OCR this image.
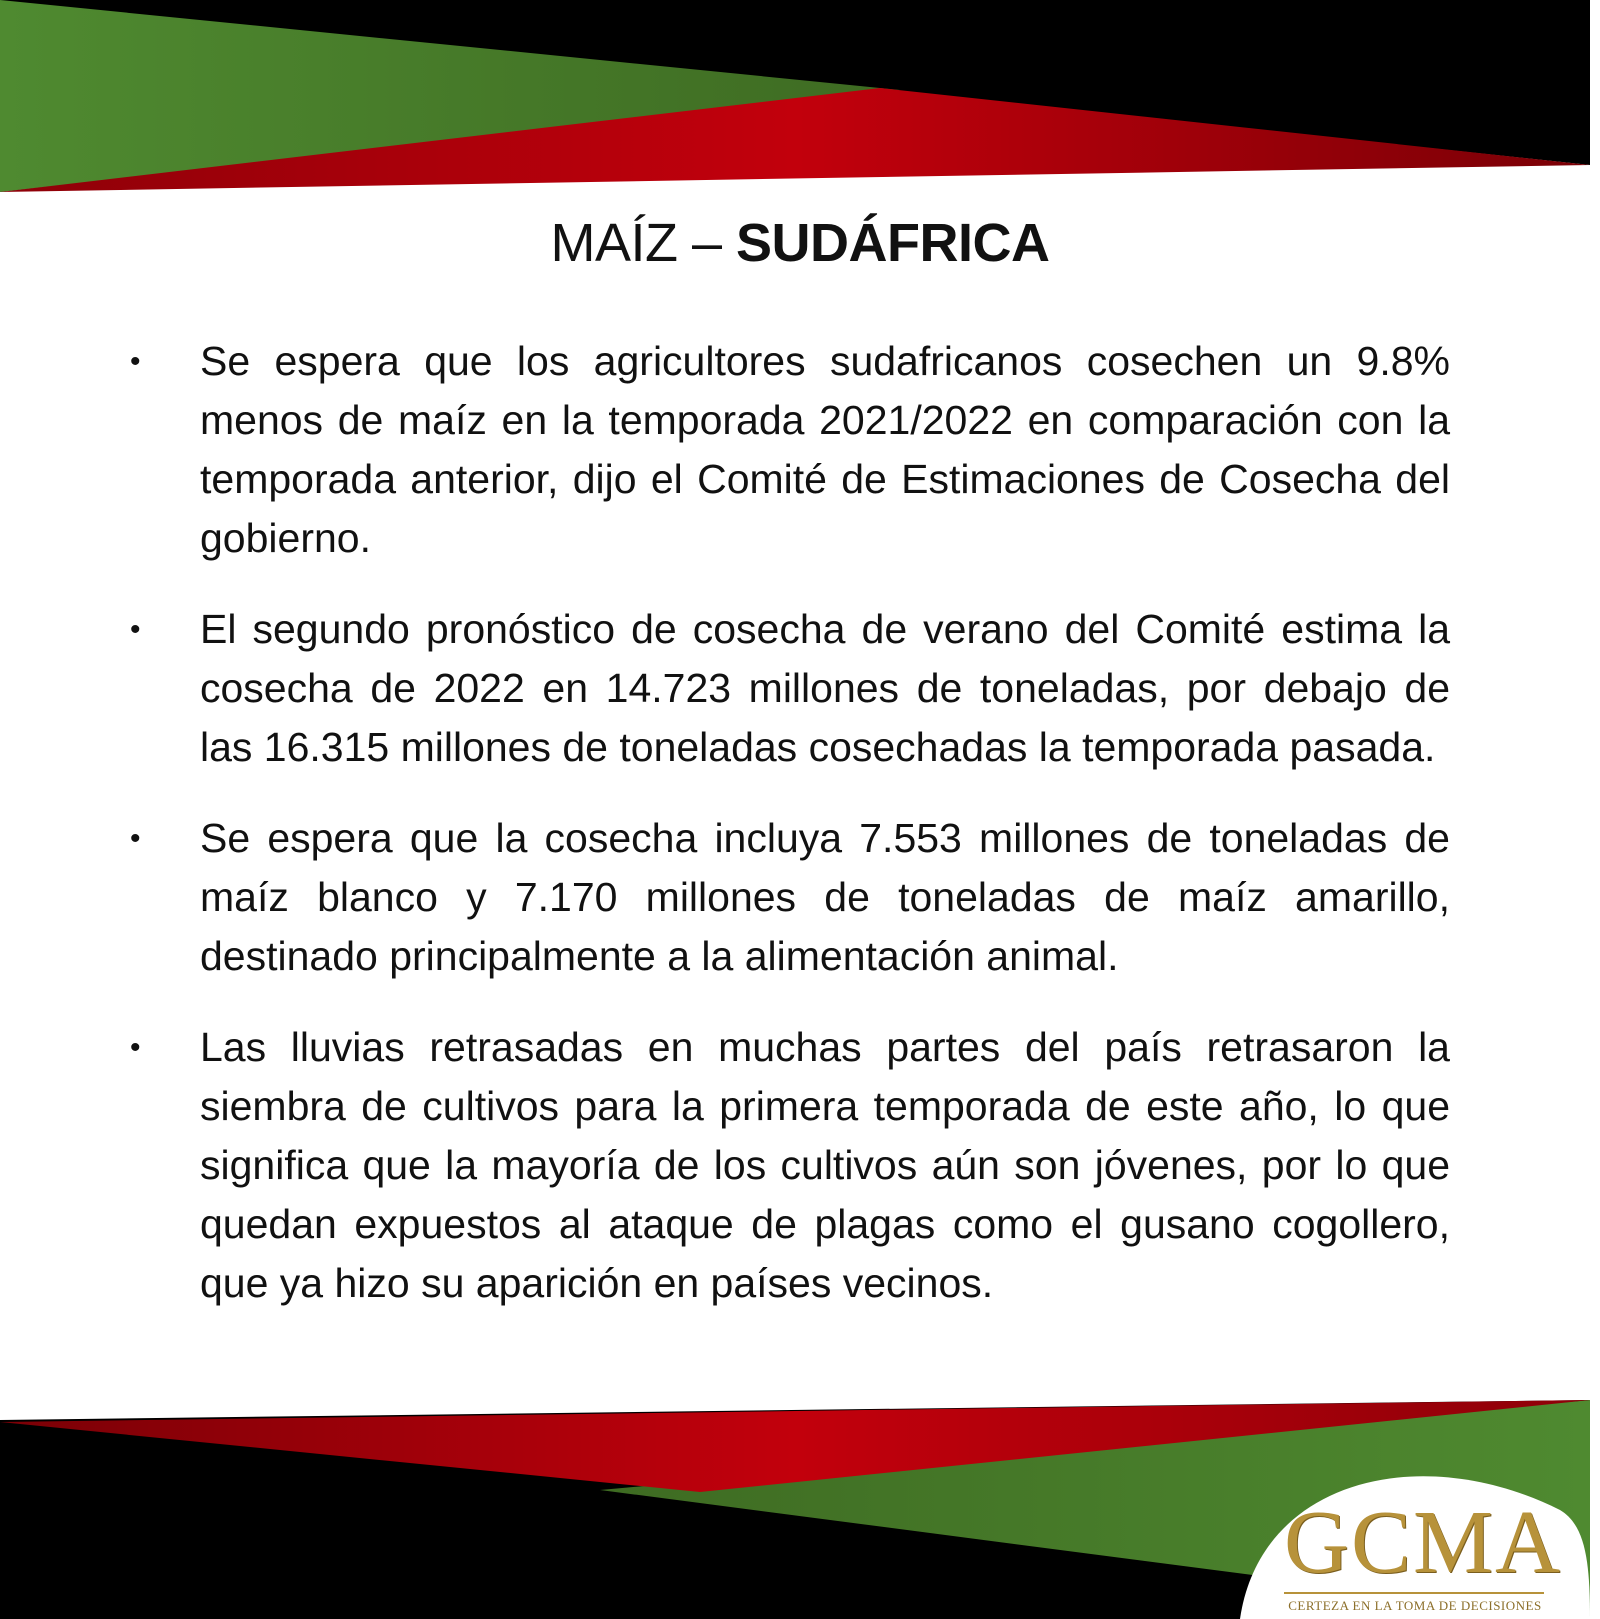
MAÍZ – SUDÁFRICA
•	Se espera que los agricultores sudafricanos cosechen un 9.8% menos de maíz en la temporada 2021/2022 en comparación con la temporada anterior, dijo el Comité de Estimaciones de Cosecha del gobierno.
•	El segundo pronóstico de cosecha de verano del Comité estima la cosecha de 2022 en 14.723 millones de toneladas, por debajo de las 16.315 millones de toneladas cosechadas la temporada pasada.
•	Se espera que la cosecha incluya 7.553 millones de toneladas de maíz blanco y 7.170 millones de toneladas de maíz amarillo, destinado principalmente a la alimentación animal.
•	Las lluvias retrasadas en muchas partes del país retrasaron la siembra de cultivos para la primera temporada de este año, lo que significa que la mayoría de los cultivos aún son jóvenes, por lo que quedan expuestos al ataque de plagas como el gusano cogollero, que ya hizo su aparición en países vecinos.
GCMA
CERTEZA EN LA TOMA DE DECISIONES
